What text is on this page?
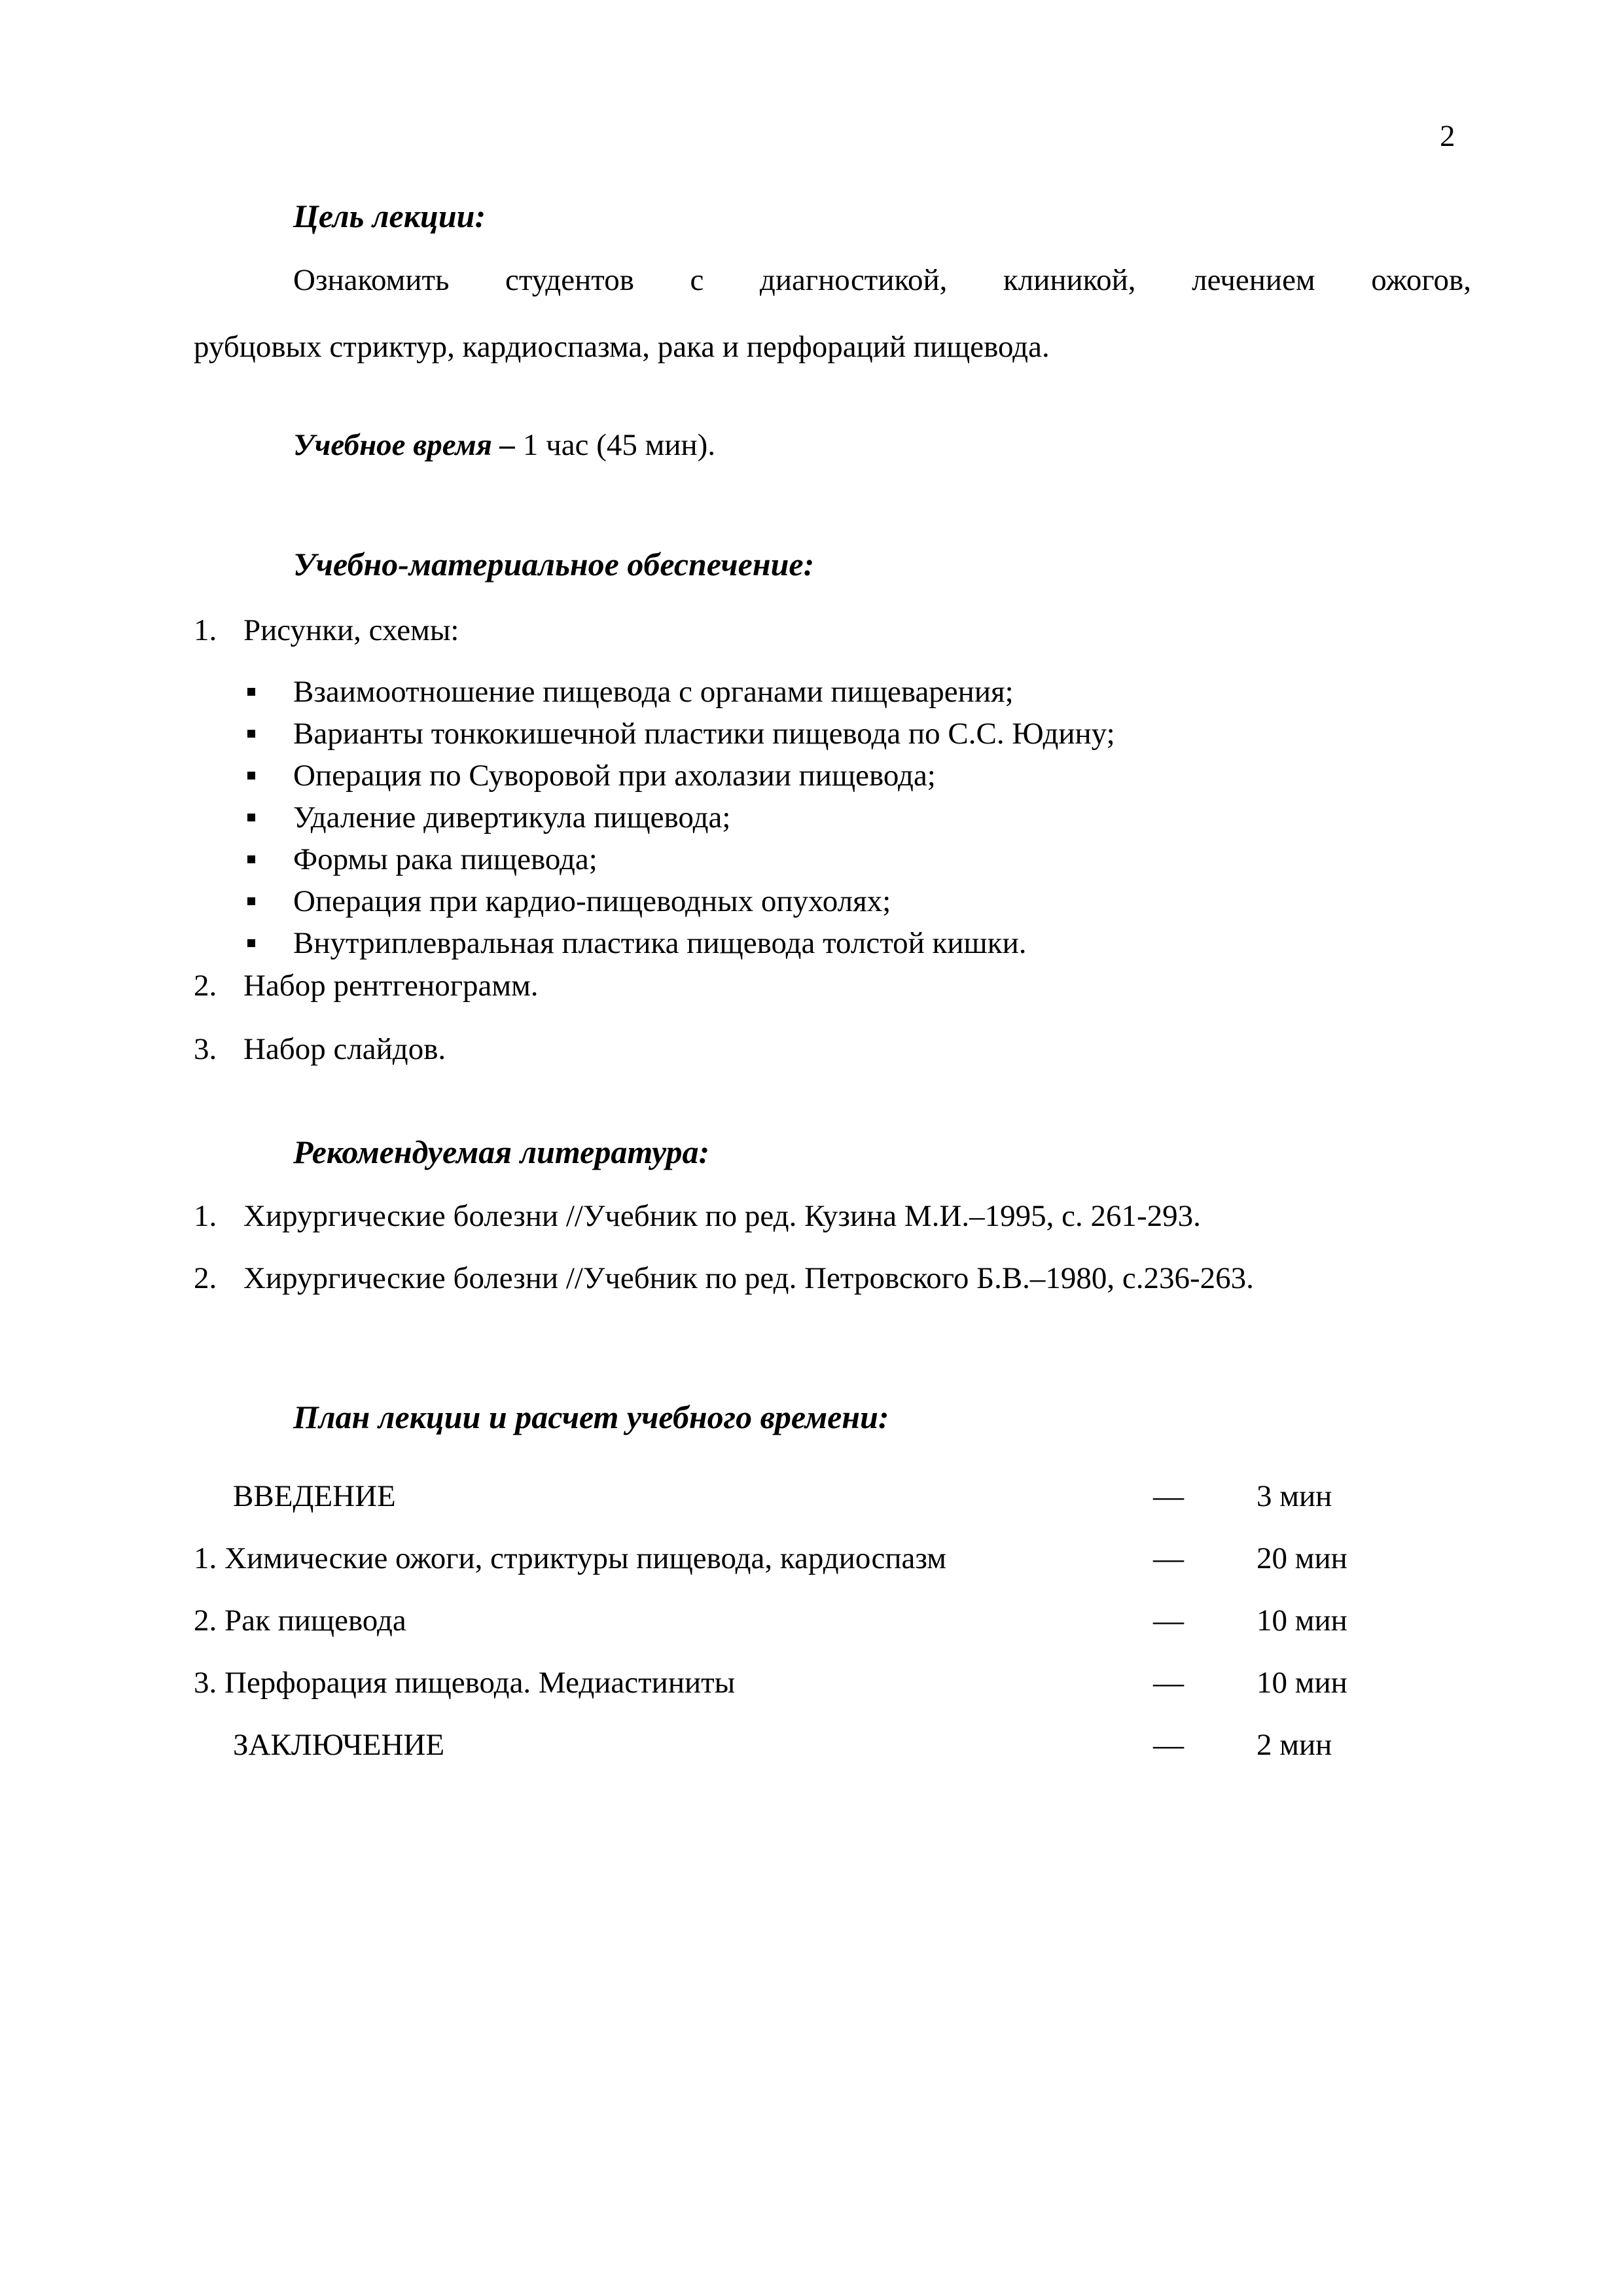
2
Цель лекции:
Ознакомить студентов с диагностикой, клиникой, лечением ожогов,
рубцовых стриктур, кардиоспазма, рака и перфораций пищевода.
Учебное время – 1 час (45 мин).
Учебно-материальное обеспечение:
1. Рисунки, схемы:
Взаимоотношение пищевода с органами пищеварения;
Варианты тонкокишечной пластики пищевода по С.С. Юдину;
Операция по Суворовой при ахолазии пищевода;
Удаление дивертикула пищевода;
Формы рака пищевода;
Операция при кардио-пищеводных опухолях;
Внутриплевральная пластика пищевода толстой кишки.
2. Набор рентгенограмм.
3. Набор слайдов.
Рекомендуемая литература:
1. Хирургические болезни //Учебник по ред. Кузина М.И.–1995, с. 261-293.
2. Хирургические болезни //Учебник по ред. Петровского Б.В.–1980, с.236-263.
План лекции и расчет учебного времени:
ВВЕДЕНИЕ	— 3 мин
1. Химические ожоги, стриктуры пищевода, кардиоспазм	— 20 мин
2. Рак пищевода	— 10 мин
3. Перфорация пищевода. Медиастиниты	— 10 мин
ЗАКЛЮЧЕНИЕ	— 2 мин
